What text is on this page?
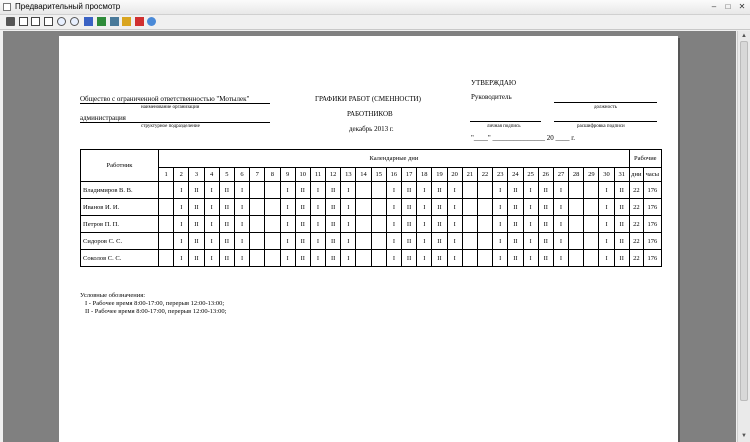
Предварительный просмотр	–	□	✕
▲
▼
УТВЕРЖДАЮ
Руководитель
должность
Общество с ограниченной ответственностью "Мотылек"
наименование организации
администрация
структурное подразделение
ГРАФИКИ РАБОТ (СМЕННОСТИ)
РАБОТНИКОВ
декабрь 2013 г.	личная подпись	расшифровка подписи
"____" _______________ 20 ____ г.
Работник	Календарные дни																															Рабочие	
	1	2	3	4	5	6	7	8	9	10	11	12	13	14	15	16	17	18	19	20	21	22	23	24	25	26	27	28	29	30	31	дни	часы
Владимиров В. В.		I	II	I	II	I			I	II	I	II	I			I	II	I	II	I			I	II	I	II	I			I	II	22	176
Иванов И. И.		I	II	I	II	I			I	II	I	II	I			I	II	I	II	I			I	II	I	II	I			I	II	22	176
Петров П. П.		I	II	I	II	I			I	II	I	II	I			I	II	I	II	I			I	II	I	II	I			I	II	22	176
Сидоров С. С.		I	II	I	II	I			I	II	I	II	I			I	II	I	II	I			I	II	I	II	I			I	II	22	176
Соколов С. С.		I	II	I	II	I			I	II	I	II	I			I	II	I	II	I			I	II	I	II	I			I	II	22	176
Условные обозначения:
I - Рабочее время 8:00-17:00, перерыв 12:00-13:00;
II - Рабочее время 8:00-17:00, перерыв 12:00-13:00;
